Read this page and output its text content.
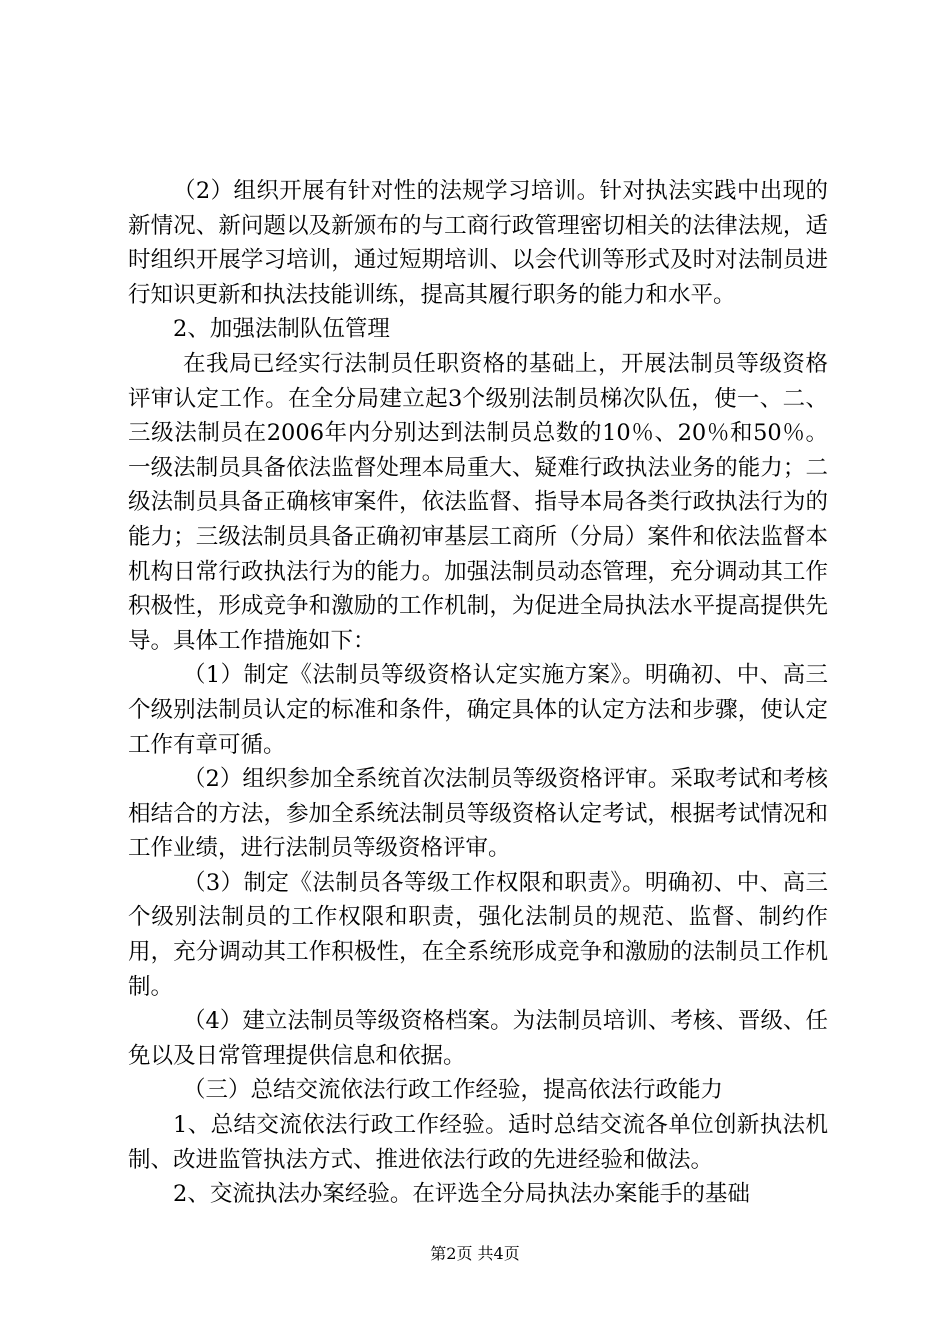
（2）组织开展有针对性的法规学习培训。针对执法实践中出现的新情况、新问题以及新颁布的与工商行政管理密切相关的法律法规，适时组织开展学习培训，通过短期培训、以会代训等形式及时对法制员进行知识更新和执法技能训练，提高其履行职务的能力和水平。

2、加强法制队伍管理

在我局已经实行法制员任职资格的基础上，开展法制员等级资格评审认定工作。在全分局建立起3个级别法制员梯次队伍，使一、二、三级法制员在2006年内分别达到法制员总数的10％、20％和50％。一级法制员具备依法监督处理本局重大、疑难行政执法业务的能力；二级法制员具备正确核审案件，依法监督、指导本局各类行政执法行为的能力；三级法制员具备正确初审基层工商所（分局）案件和依法监督本机构日常行政执法行为的能力。加强法制员动态管理，充分调动其工作积极性，形成竞争和激励的工作机制，为促进全局执法水平提高提供先导。具体工作措施如下：

（1）制定《法制员等级资格认定实施方案》。明确初、中、高三个级别法制员认定的标准和条件，确定具体的认定方法和步骤，使认定工作有章可循。

（2）组织参加全系统首次法制员等级资格评审。采取考试和考核相结合的方法，参加全系统法制员等级资格认定考试，根据考试情况和工作业绩，进行法制员等级资格评审。

（3）制定《法制员各等级工作权限和职责》。明确初、中、高三个级别法制员的工作权限和职责，强化法制员的规范、监督、制约作用，充分调动其工作积极性，在全系统形成竞争和激励的法制员工作机制。

（4）建立法制员等级资格档案。为法制员培训、考核、晋级、任免以及日常管理提供信息和依据。

（三）总结交流依法行政工作经验，提高依法行政能力

1、总结交流依法行政工作经验。适时总结交流各单位创新执法机制、改进监管执法方式、推进依法行政的先进经验和做法。

2、交流执法办案经验。在评选全分局执法办案能手的基础

第2页 共4页
